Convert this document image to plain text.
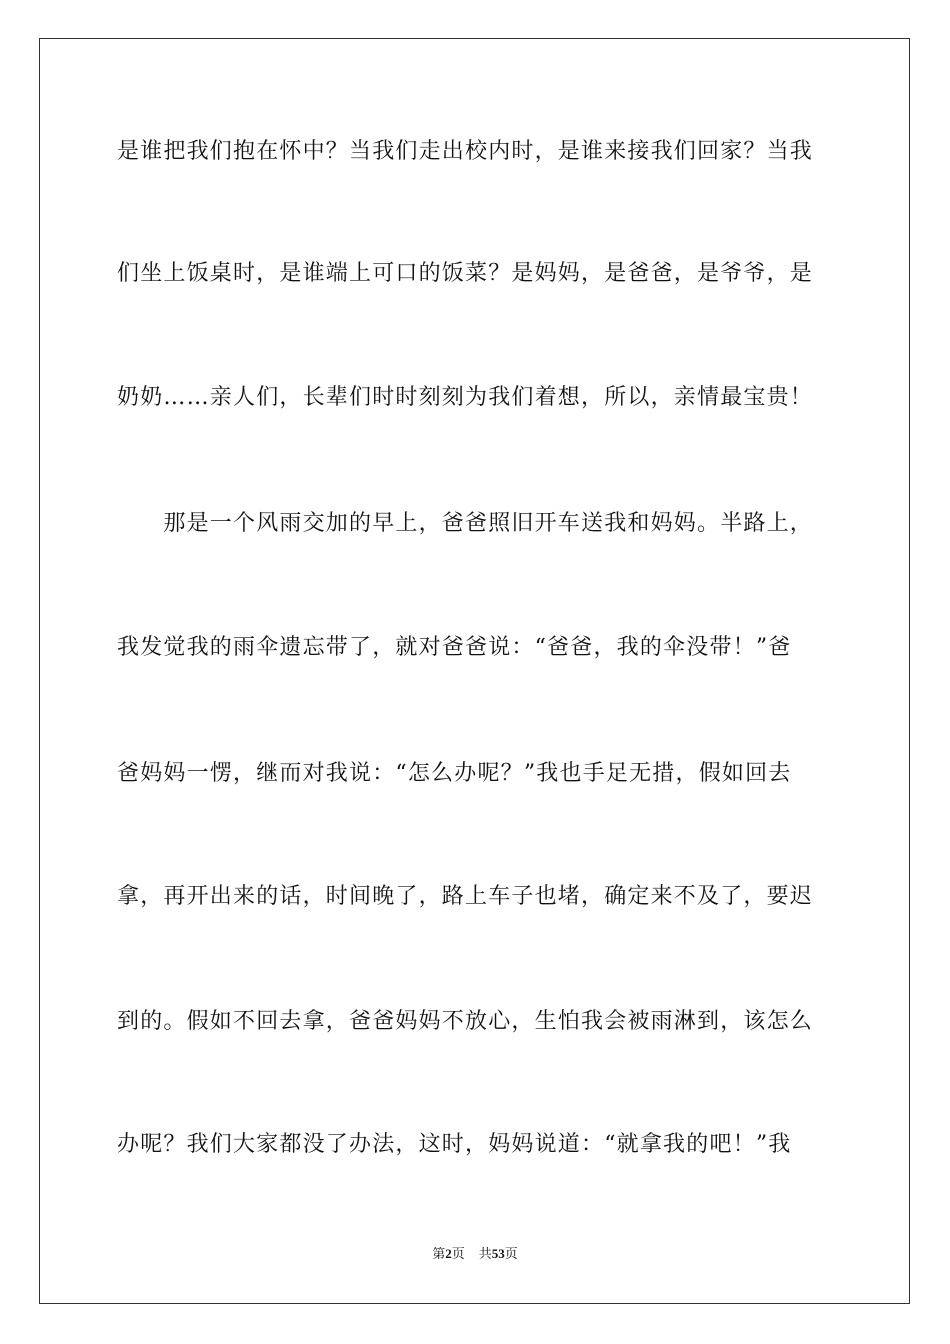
是谁把我们抱在怀中？当我们走出校内时，是谁来接我们回家？当我
们坐上饭桌时，是谁端上可口的饭菜？是妈妈，是爸爸，是爷爷，是
奶奶……亲人们，长辈们时时刻刻为我们着想，所以，亲情最宝贵！
　　那是一个风雨交加的早上，爸爸照旧开车送我和妈妈。半路上，
我发觉我的雨伞遗忘带了，就对爸爸说：“爸爸，我的伞没带！”爸
爸妈妈一愣，继而对我说：“怎么办呢？”我也手足无措，假如回去
拿，再开出来的话，时间晚了，路上车子也堵，确定来不及了，要迟
到的。假如不回去拿，爸爸妈妈不放心，生怕我会被雨淋到，该怎么
办呢？我们大家都没了办法，这时，妈妈说道：“就拿我的吧！”我
第2页 共53页
